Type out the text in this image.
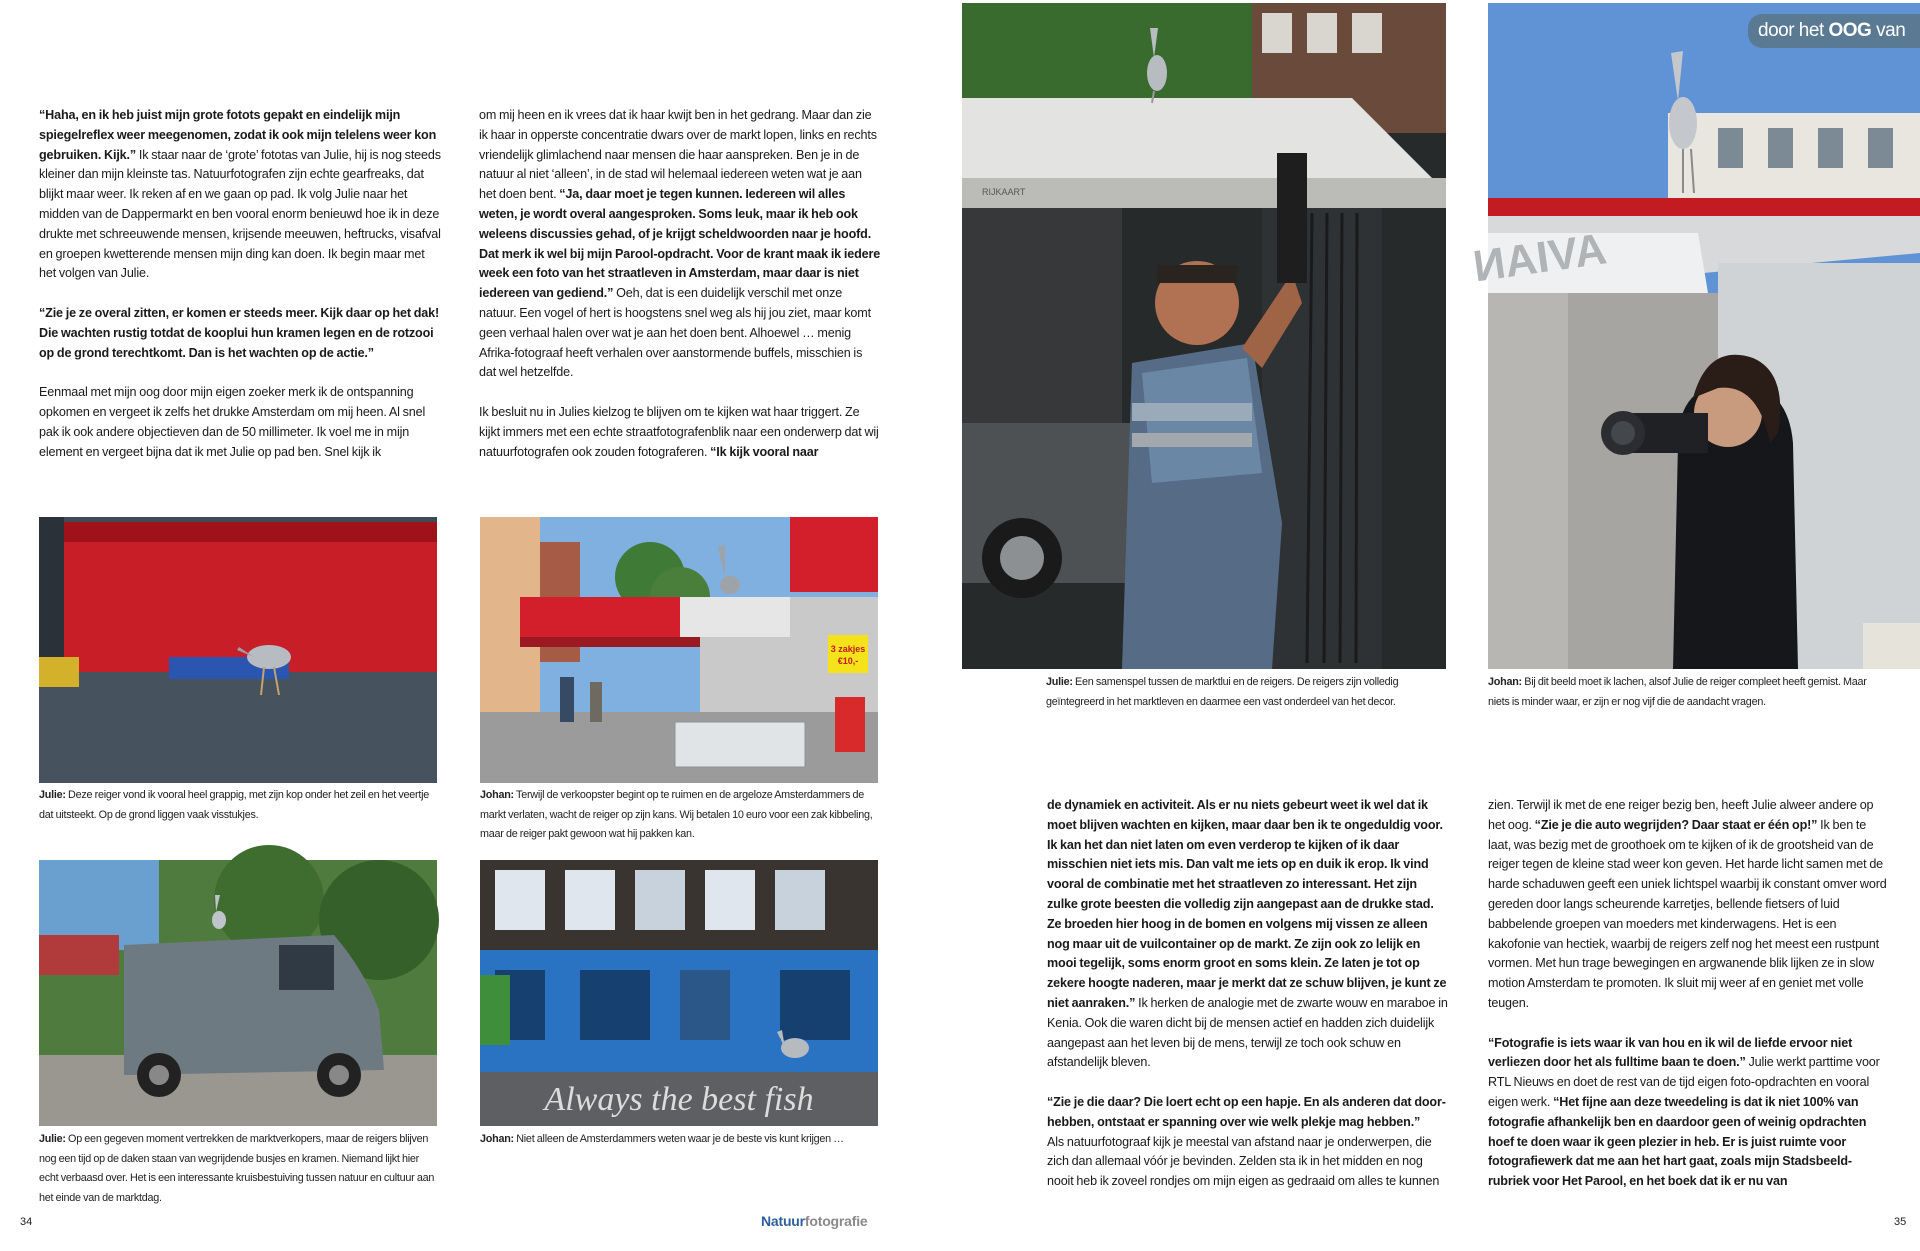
“Haha, en ik heb juist mijn grote fotots gepakt en eindelijk mijn spiegelreflex weer meegenomen, zodat ik ook mijn telelens weer kon gebruiken. Kijk.” Ik staar naar de ‘grote’ fototas van Julie, hij is nog steeds kleiner dan mijn kleinste tas. Natuurfotografen zijn echte gearfreaks, dat blijkt maar weer. Ik reken af en we gaan op pad. Ik volg Julie naar het midden van de Dappermarkt en ben vooral enorm benieuwd hoe ik in deze drukte met schreeuwende mensen, krijsende meeuwen, heftrucks, visafval en groepen kwetterende mensen mijn ding kan doen. Ik begin maar met het volgen van Julie.
“Zie je ze overal zitten, er komen er steeds meer. Kijk daar op het dak! Die wachten rustig totdat de kooplui hun kramen legen en de rotzooi op de grond terechtkomt. Dan is het wachten op de actie.”
Eenmaal met mijn oog door mijn eigen zoeker merk ik de ontspanning opkomen en vergeet ik zelfs het drukke Amsterdam om mij heen. Al snel pak ik ook andere objectieven dan de 50 millimeter. Ik voel me in mijn element en vergeet bijna dat ik met Julie op pad ben. Snel kijk ik
om mij heen en ik vrees dat ik haar kwijt ben in het gedrang. Maar dan zie ik haar in opperste concentratie dwars over de markt lopen, links en rechts vriendelijk glimlachend naar mensen die haar aanspreken. Ben je in de natuur al niet ‘alleen’, in de stad wil helemaal iedereen weten wat je aan het doen bent. “Ja, daar moet je tegen kunnen. Iedereen wil alles weten, je wordt overal aangesproken. Soms leuk, maar ik heb ook weleens discussies gehad, of je krijgt scheldwoorden naar je hoofd. Dat merk ik wel bij mijn Parool-opdracht. Voor de krant maak ik iedere week een foto van het straatleven in Amsterdam, maar daar is niet iedereen van gediend.” Oeh, dat is een duidelijk verschil met onze natuur. Een vogel of hert is hoogstens snel weg als hij jou ziet, maar komt geen verhaal halen over wat je aan het doen bent. Alhoewel … menig Afrika-fotograaf heeft verhalen over aanstormende buffels, misschien is dat wel hetzelfde.
Ik besluit nu in Julies kielzog te blijven om te kijken wat haar triggert. Ze kijkt immers met een echte straatfotografenblik naar een onderwerp dat wij natuurfotografen ook zouden fotograferen. “Ik kijk vooral naar
Julie: Deze reiger vond ik vooral heel grappig, met zijn kop onder het zeil en het veertje dat uitsteekt. Op de grond liggen vaak visstukjes.
3 zakjes €10,-
Johan: Terwijl de verkoopster begint op te ruimen en de argeloze Amsterdammers de markt verlaten, wacht de reiger op zijn kans. Wij betalen 10 euro voor een zak kibbeling, maar de reiger pakt gewoon wat hij pakken kan.
Julie: Op een gegeven moment vertrekken de marktverkopers, maar de reigers blijven nog een tijd op de daken staan van wegrijdende busjes en kramen. Niemand lijkt hier echt verbaasd over. Het is een interessante kruisbestuiving tussen natuur en cultuur aan het einde van de marktdag.
Always the best fish
Johan: Niet alleen de Amsterdammers weten waar je de beste vis kunt krijgen …
34	Natuurfotografie
RIJKAART
Julie: Een samenspel tussen de marktlui en de reigers. De reigers zijn volledig geïntegreerd in het marktleven en daarmee een vast onderdeel van het decor.
AVIAN
Johan: Bij dit beeld moet ik lachen, alsof Julie de reiger compleet heeft gemist. Maar niets is minder waar, er zijn er nog vijf die de aandacht vragen.
door het OOG van
de dynamiek en activiteit. Als er nu niets gebeurt weet ik wel dat ik moet blijven wachten en kijken, maar daar ben ik te ongeduldig voor. Ik kan het dan niet laten om even verderop te kijken of ik daar misschien niet iets mis. Dan valt me iets op en duik ik erop. Ik vind vooral de combinatie met het straatleven zo interessant. Het zijn zulke grote beesten die volledig zijn aangepast aan de drukke stad. Ze broeden hier hoog in de bomen en volgens mij vissen ze alleen nog maar uit de vuilcontainer op de markt. Ze zijn ook zo lelijk en mooi tegelijk, soms enorm groot en soms klein. Ze laten je tot op zekere hoogte naderen, maar je merkt dat ze schuw blijven, je kunt ze niet aanraken.” Ik herken de analogie met de zwarte wouw en maraboe in Kenia. Ook die waren dicht bij de mensen actief en hadden zich duidelijk aangepast aan het leven bij de mens, terwijl ze toch ook schuw en afstandelijk bleven.
“Zie je die daar? Die loert echt op een hapje. En als anderen dat door-hebben, ontstaat er spanning over wie welk plekje mag hebben.”
Als natuurfotograaf kijk je meestal van afstand naar je onderwerpen, die zich dan allemaal vóór je bevinden. Zelden sta ik in het midden en nog nooit heb ik zoveel rondjes om mijn eigen as gedraaid om alles te kunnen
zien. Terwijl ik met de ene reiger bezig ben, heeft Julie alweer andere op het oog. “Zie je die auto wegrijden? Daar staat er één op!” Ik ben te laat, was bezig met de groothoek om te kijken of ik de grootsheid van de reiger tegen de kleine stad weer kon geven. Het harde licht samen met de harde schaduwen geeft een uniek lichtspel waarbij ik constant omver word gereden door langs scheurende karretjes, bellende fietsers of luid babbelende groepen van moeders met kinderwagens. Het is een kakofonie van hectiek, waarbij de reigers zelf nog het meest een rustpunt vormen. Met hun trage bewegingen en argwanende blik lijken ze in slow motion Amsterdam te promoten. Ik sluit mij weer af en geniet met volle teugen.
“Fotografie is iets waar ik van hou en ik wil de liefde ervoor niet verliezen door het als fulltime baan te doen.” Julie werkt parttime voor RTL Nieuws en doet de rest van de tijd eigen foto-opdrachten en vooral eigen werk. “Het fijne aan deze tweedeling is dat ik niet 100% van fotografie afhankelijk ben en daardoor geen of weinig opdrachten hoef te doen waar ik geen plezier in heb. Er is juist ruimte voor fotografiewerk dat me aan het hart gaat, zoals mijn Stadsbeeld-rubriek voor Het Parool, en het boek dat ik er nu van
35
